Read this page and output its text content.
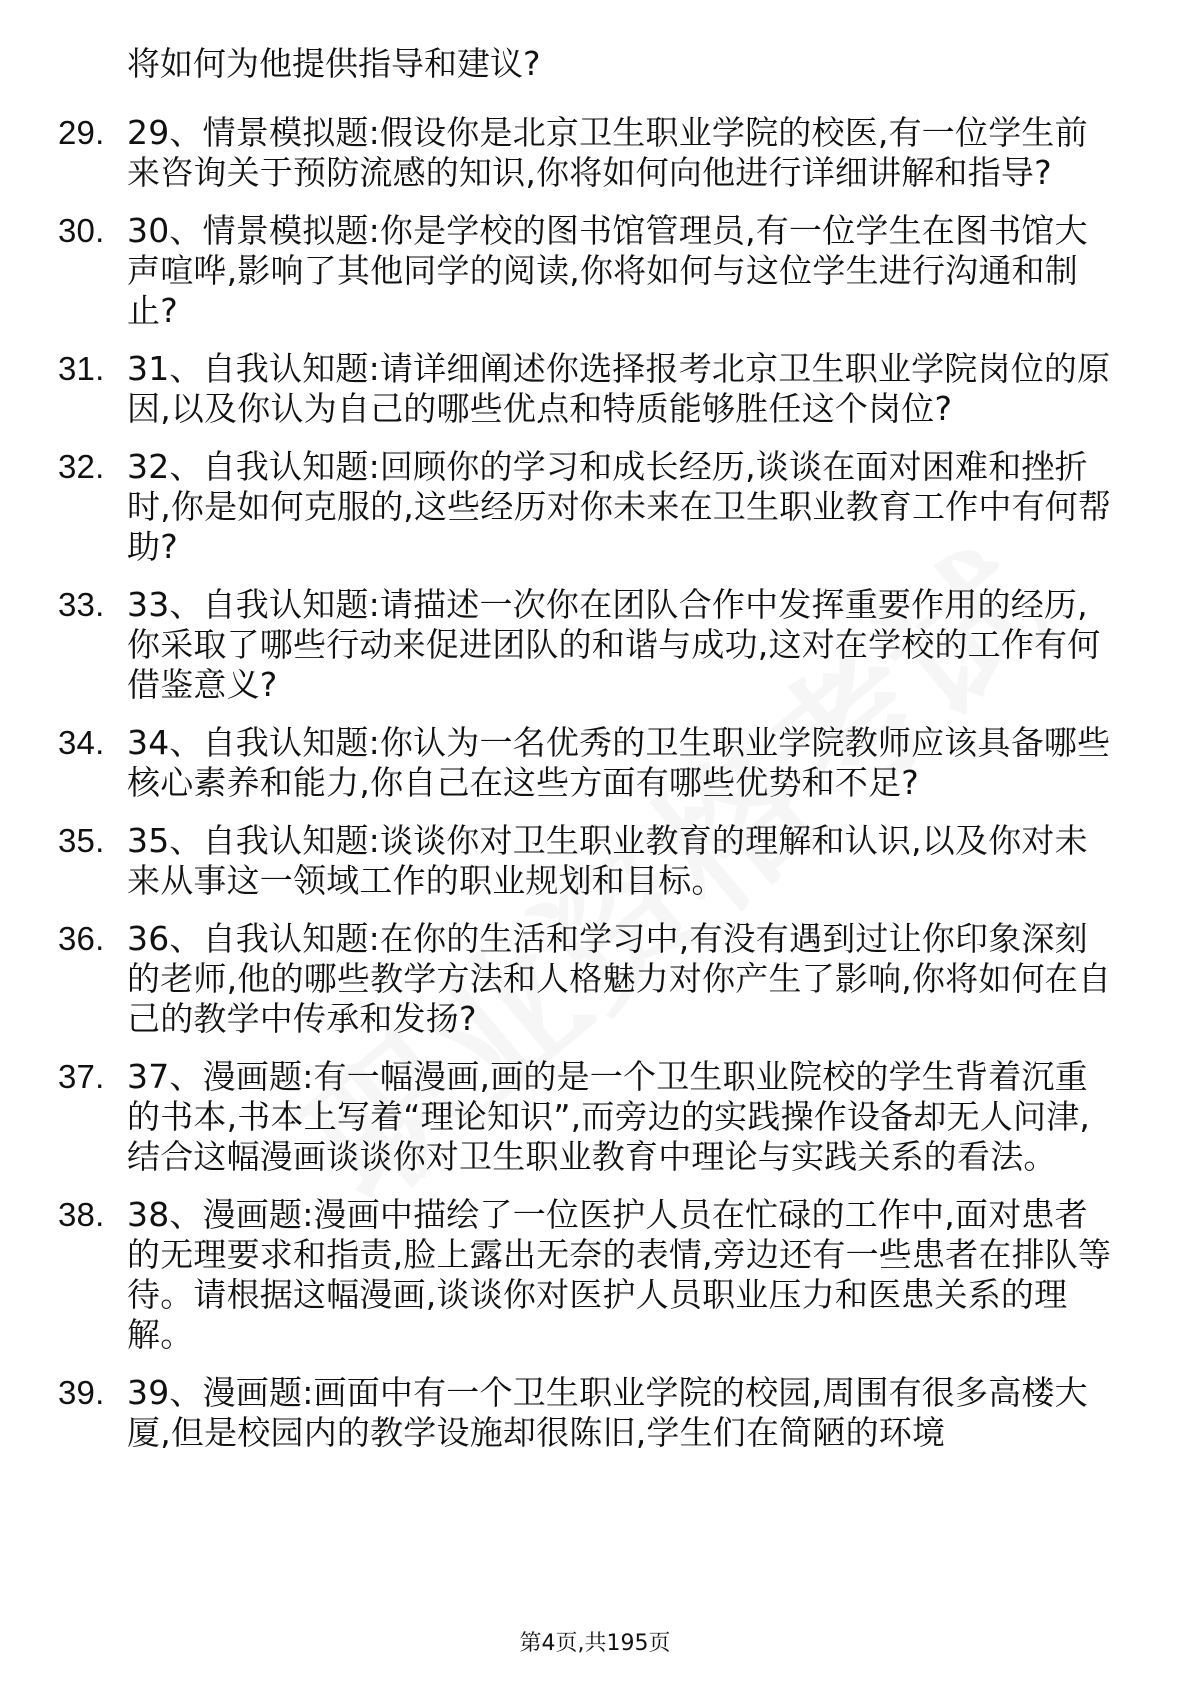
将如何为他提供指导和建议?
29. 29、情景模拟题:假设你是北京卫生职业学院的校医,有一位学生前来咨询关于预防流感的知识,你将如何向他进行详细讲解和指导?
30. 30、情景模拟题:你是学校的图书馆管理员,有一位学生在图书馆大声喧哗,影响了其他同学的阅读,你将如何与这位学生进行沟通和制止?
31. 31、自我认知题:请详细阐述你选择报考北京卫生职业学院岗位的原因,以及你认为自己的哪些优点和特质能够胜任这个岗位?
32. 32、自我认知题:回顾你的学习和成长经历,谈谈在面对困难和挫折时,你是如何克服的,这些经历对你未来在卫生职业教育工作中有何帮助?
33. 33、自我认知题:请描述一次你在团队合作中发挥重要作用的经历,你采取了哪些行动来促进团队的和谐与成功,这对在学校的工作有何借鉴意义?
34. 34、自我认知题:你认为一名优秀的卫生职业学院教师应该具备哪些核心素养和能力,你自己在这些方面有哪些优势和不足?
35. 35、自我认知题:谈谈你对卫生职业教育的理解和认识,以及你对未来从事这一领域工作的职业规划和目标。
36. 36、自我认知题:在你的生活和学习中,有没有遇到过让你印象深刻的老师,他的哪些教学方法和人格魅力对你产生了影响,你将如何在自己的教学中传承和发扬?
37. 37、漫画题:有一幅漫画,画的是一个卫生职业院校的学生背着沉重的书本,书本上写着“理论知识”,而旁边的实践操作设备却无人问津,结合这幅漫画谈谈你对卫生职业教育中理论与实践关系的看法。
38. 38、漫画题:漫画中描绘了一位医护人员在忙碌的工作中,面对患者的无理要求和指责,脸上露出无奈的表情,旁边还有一些患者在排队等待。请根据这幅漫画,谈谈你对医护人员职业压力和医患关系的理解。
39. 39、漫画题:画面中有一个卫生职业学院的校园,周围有很多高楼大厦,但是校园内的教学设施却很陈旧,学生们在简陋的环境
第4页,共195页
